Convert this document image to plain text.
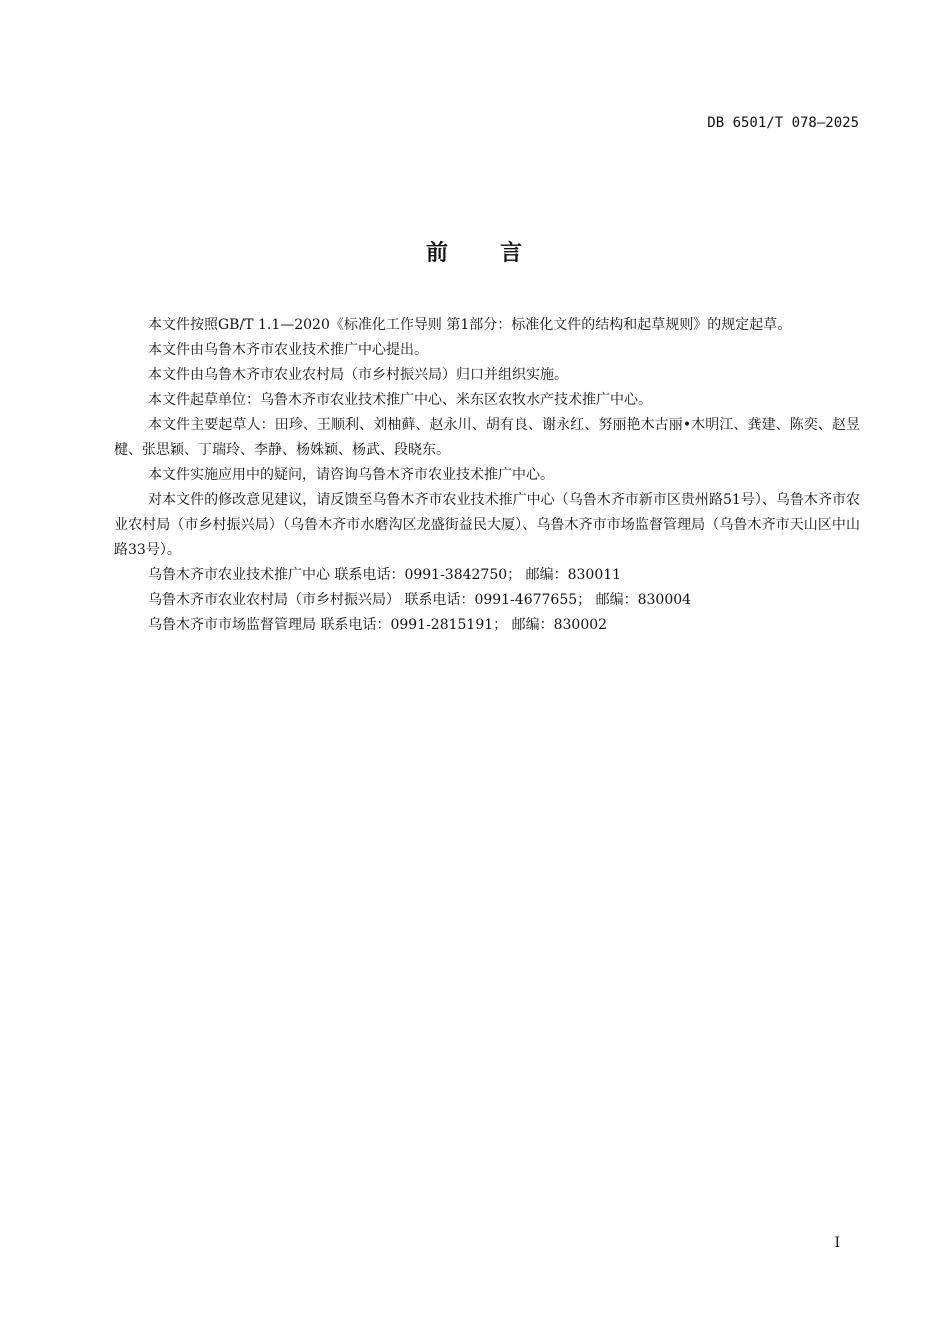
DB 6501/T 078—2025
前 言

本文件按照GB/T 1.1—2020《标准化工作导则 第1部分：标准化文件的结构和起草规则》的规定起草。

本文件由乌鲁木齐市农业技术推广中心提出。

本文件由乌鲁木齐市农业农村局（市乡村振兴局）归口并组织实施。

本文件起草单位：乌鲁木齐市农业技术推广中心、米东区农牧水产技术推广中心。

本文件主要起草人：田珍、王顺利、刘柚藓、赵永川、胡有良、谢永红、努丽艳木古丽•木明江、龚建、陈奕、赵昱楗、张思颖、丁瑞玲、李静、杨姝颖、杨武、段晓东。

本文件实施应用中的疑问，请咨询乌鲁木齐市农业技术推广中心。

对本文件的修改意见建议，请反馈至乌鲁木齐市农业技术推广中心（乌鲁木齐市新市区贵州路51号）、乌鲁木齐市农业农村局（市乡村振兴局）（乌鲁木齐市水磨沟区龙盛街益民大厦）、乌鲁木齐市市场监督管理局（乌鲁木齐市天山区中山路33号）。

乌鲁木齐市农业技术推广中心 联系电话：0991-3842750； 邮编：830011

乌鲁木齐市农业农村局（市乡村振兴局） 联系电话：0991-4677655； 邮编：830004

乌鲁木齐市市场监督管理局 联系电话：0991-2815191； 邮编：830002

I
